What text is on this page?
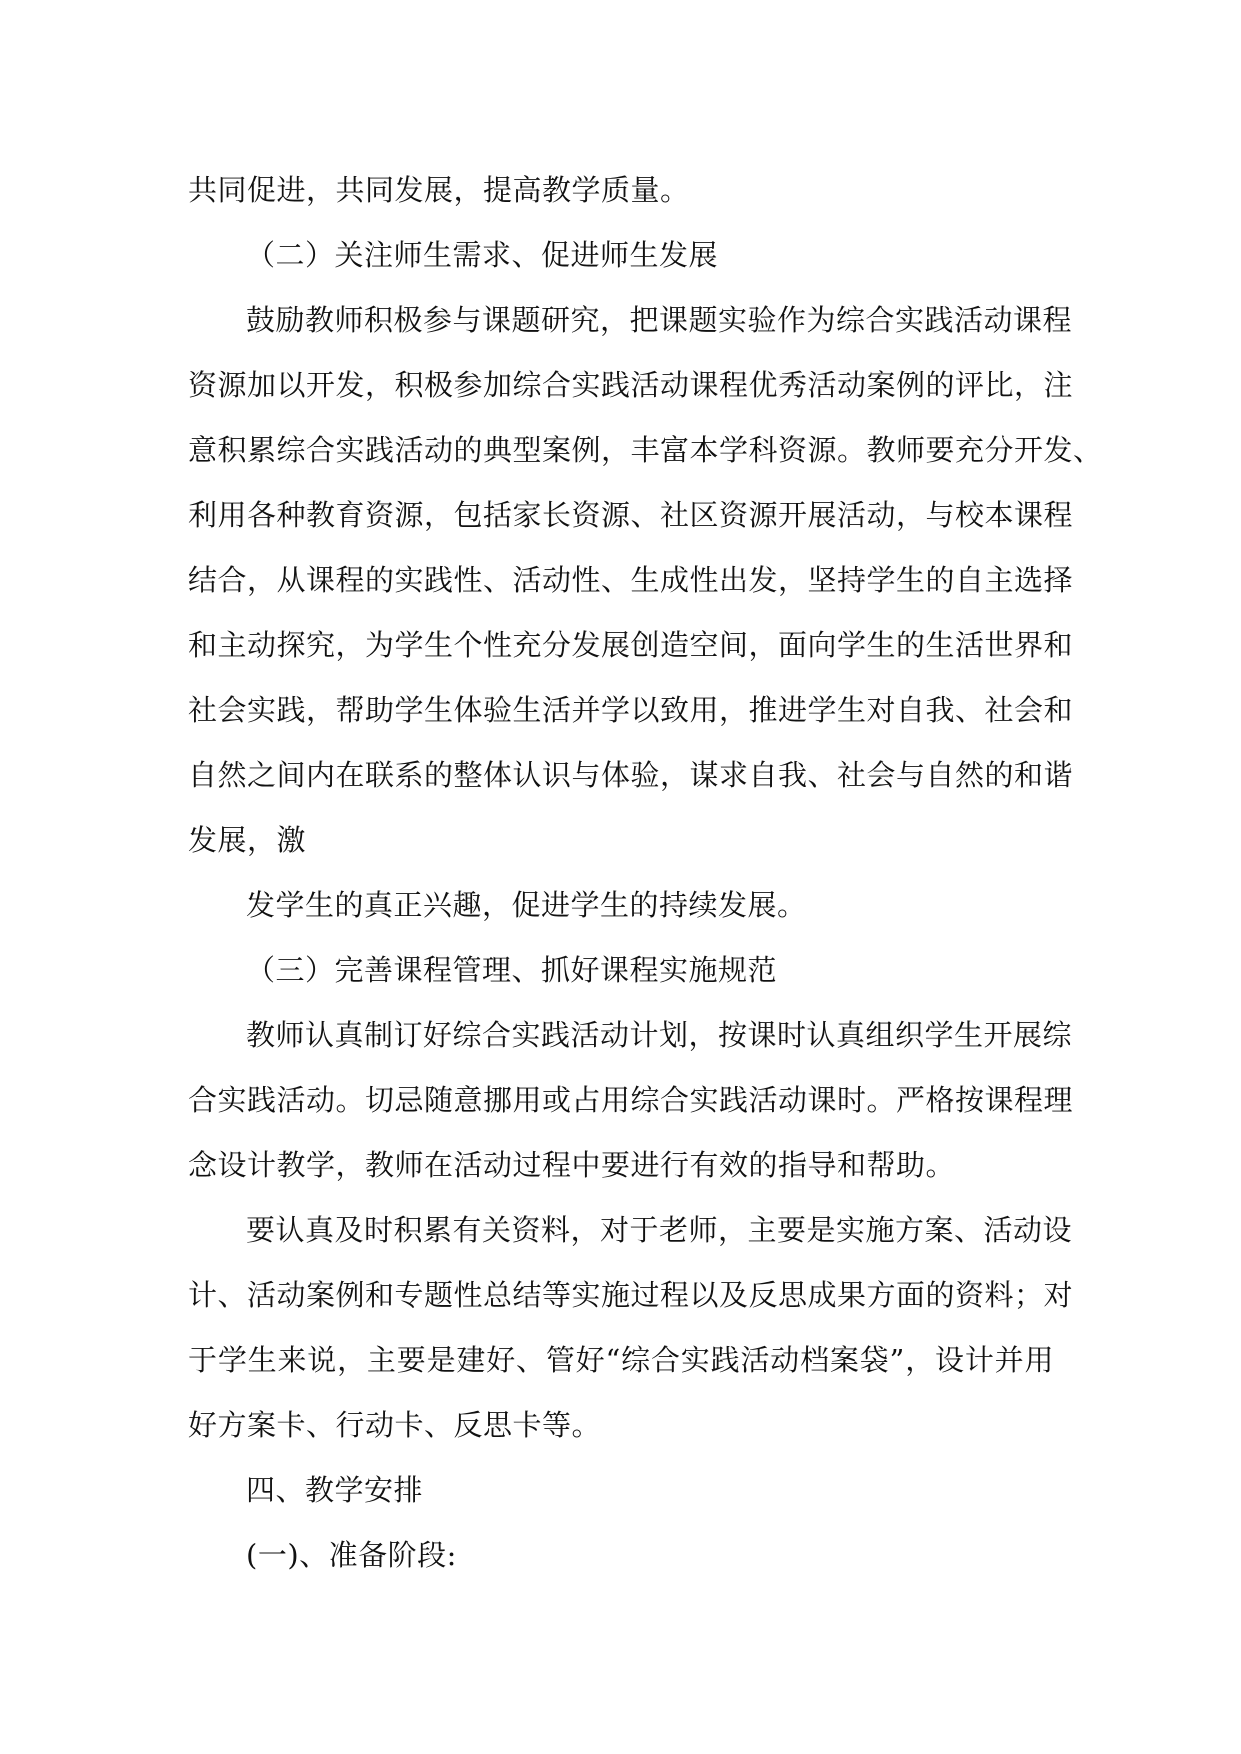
共同促进，共同发展，提高教学质量。
（二）关注师生需求、促进师生发展
鼓励教师积极参与课题研究，把课题实验作为综合实践活动课程
资源加以开发，积极参加综合实践活动课程优秀活动案例的评比，注
意积累综合实践活动的典型案例，丰富本学科资源。教师要充分开发、
利用各种教育资源，包括家长资源、社区资源开展活动，与校本课程
结合，从课程的实践性、活动性、生成性出发，坚持学生的自主选择
和主动探究，为学生个性充分发展创造空间，面向学生的生活世界和
社会实践，帮助学生体验生活并学以致用，推进学生对自我、社会和
自然之间内在联系的整体认识与体验，谋求自我、社会与自然的和谐
发展，激
发学生的真正兴趣，促进学生的持续发展。
（三）完善课程管理、抓好课程实施规范
教师认真制订好综合实践活动计划，按课时认真组织学生开展综
合实践活动。切忌随意挪用或占用综合实践活动课时。严格按课程理
念设计教学，教师在活动过程中要进行有效的指导和帮助。
要认真及时积累有关资料，对于老师，主要是实施方案、活动设
计、活动案例和专题性总结等实施过程以及反思成果方面的资料；对
于学生来说，主要是建好、管好“综合实践活动档案袋”，设计并用
好方案卡、行动卡、反思卡等。
四、教学安排
(一)、准备阶段:
